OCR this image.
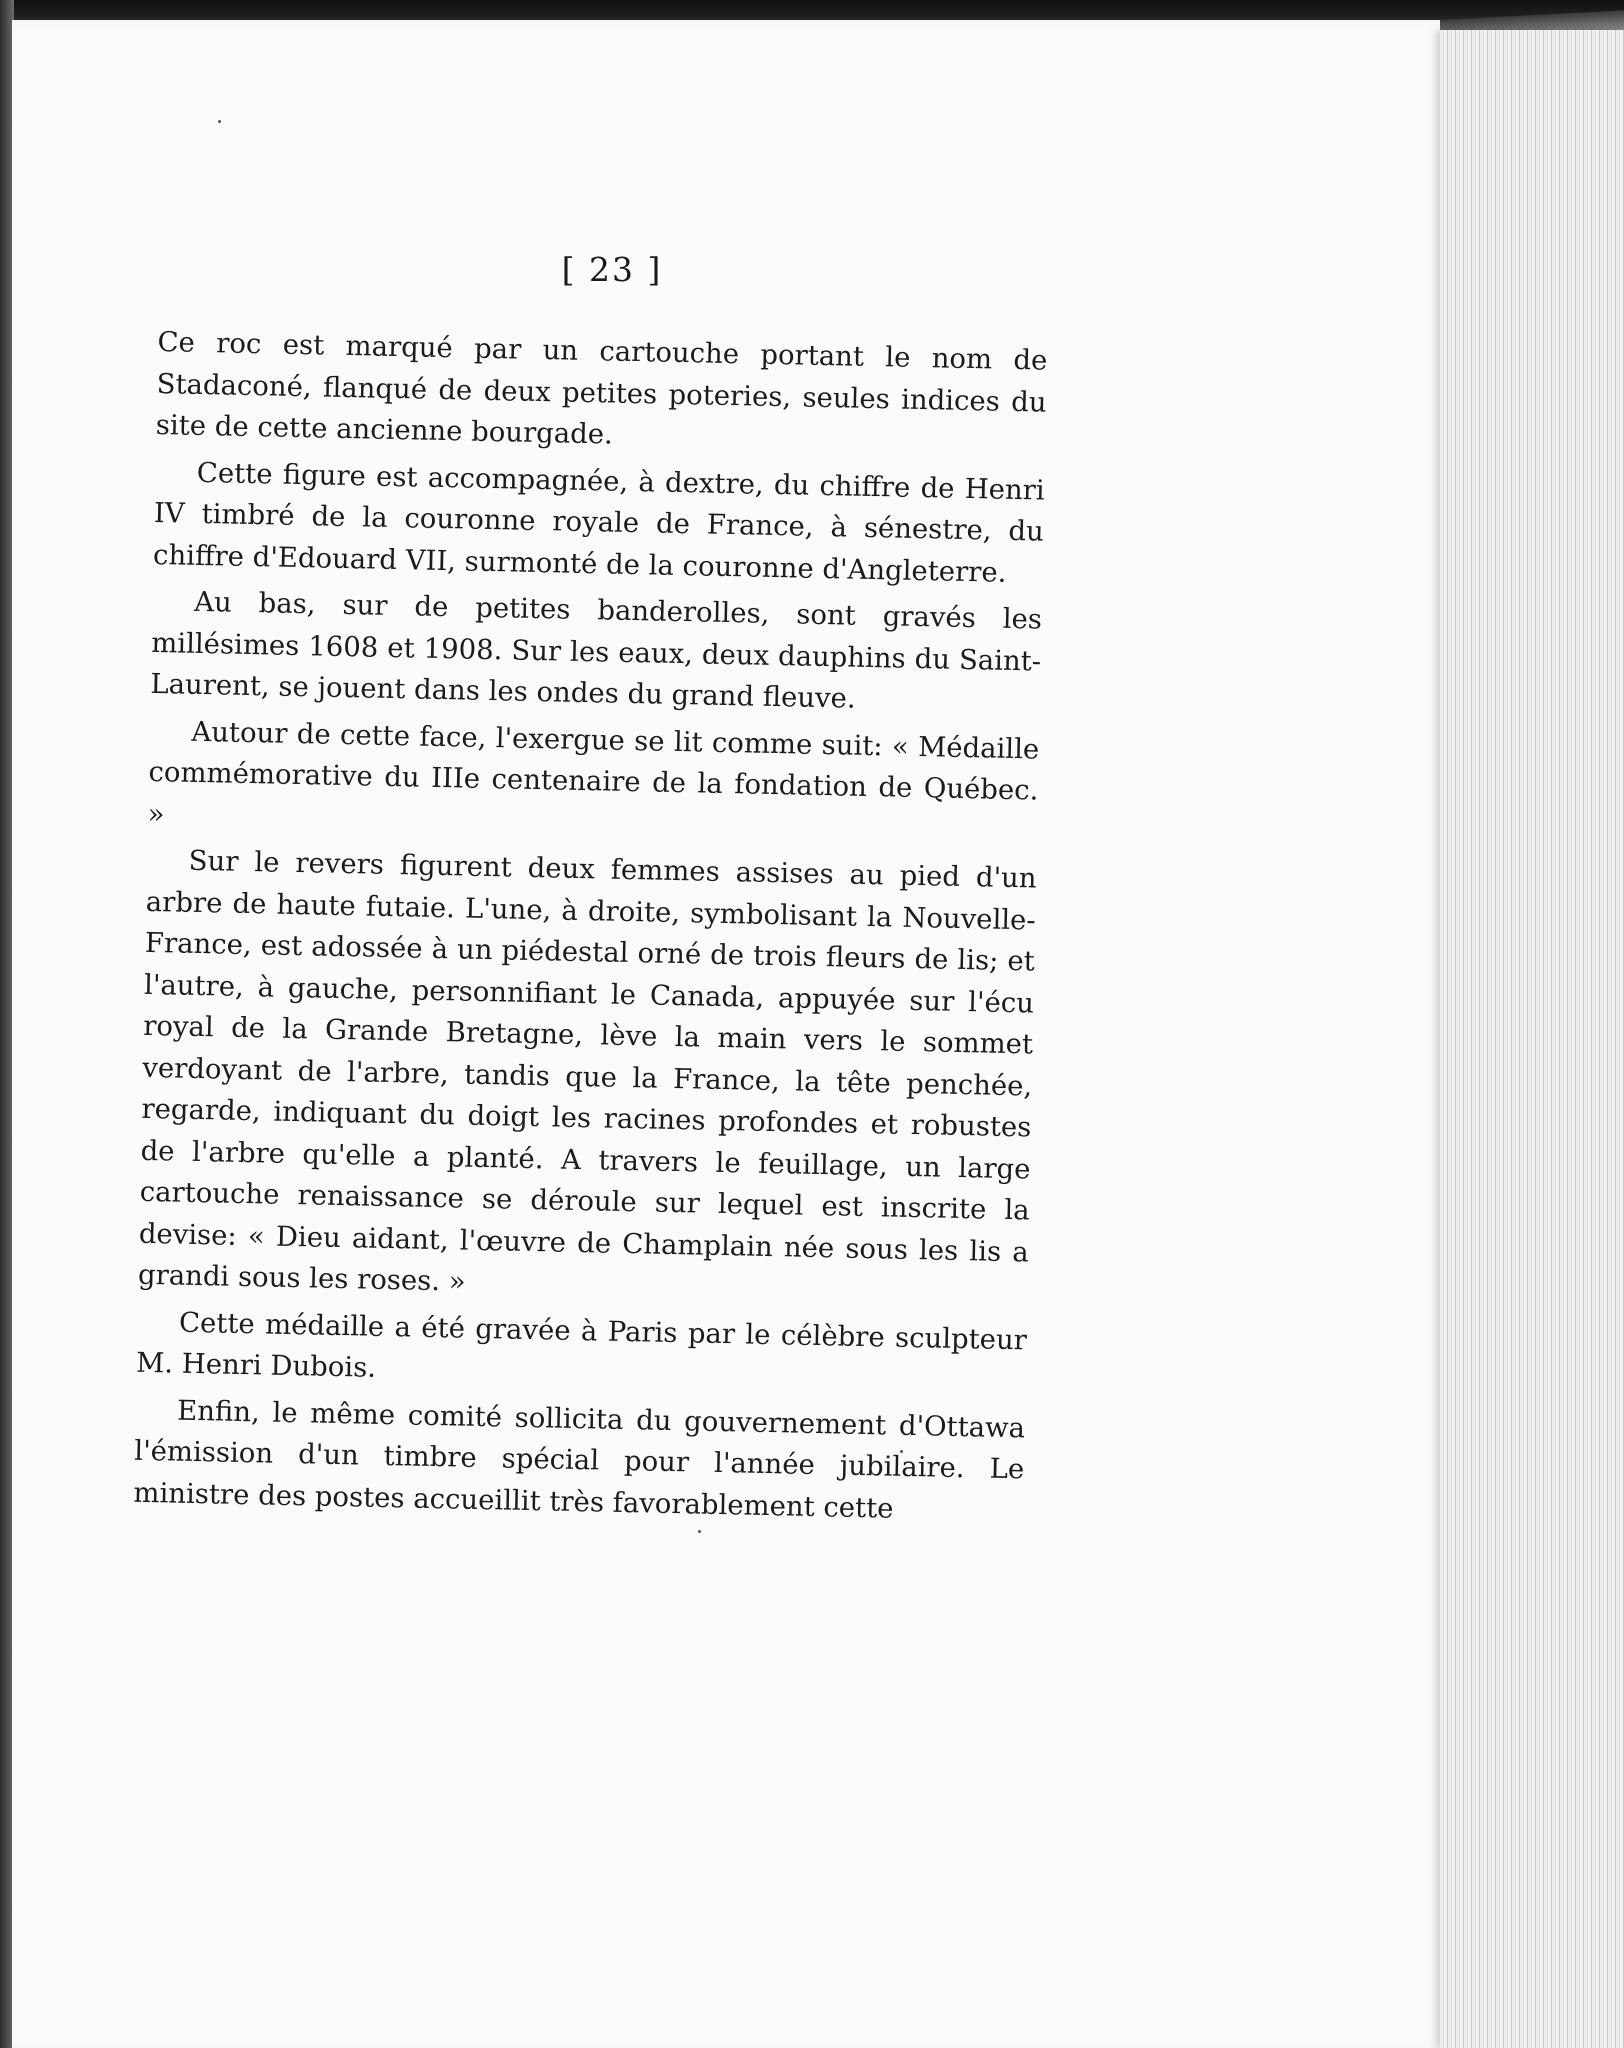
[ 23 ]

Ce roc est marqué par un cartouche portant le nom de Stadaconé, flanqué de deux petites poteries, seules indices du site de cette ancienne bourgade.

Cette figure est accompagnée, à dextre, du chiffre de Henri IV timbré de la couronne royale de France, à sénestre, du chiffre d'Edouard VII, surmonté de la couronne d'Angleterre.

Au bas, sur de petites banderolles, sont gravés les millésimes 1608 et 1908. Sur les eaux, deux dauphins du Saint-Laurent, se jouent dans les ondes du grand fleuve.

Autour de cette face, l'exergue se lit comme suit: « Médaille commémorative du IIIe centenaire de la fondation de Québec. »

Sur le revers figurent deux femmes assises au pied d'un arbre de haute futaie. L'une, à droite, symbolisant la Nouvelle-France, est adossée à un piédestal orné de trois fleurs de lis; et l'autre, à gauche, personnifiant le Canada, appuyée sur l'écu royal de la Grande Bretagne, lève la main vers le sommet verdoyant de l'arbre, tandis que la France, la tête penchée, regarde, indiquant du doigt les racines profondes et robustes de l'arbre qu'elle a planté. A travers le feuillage, un large cartouche renaissance se déroule sur lequel est inscrite la devise: « Dieu aidant, l'œuvre de Champlain née sous les lis a grandi sous les roses. »

Cette médaille a été gravée à Paris par le célèbre sculpteur M. Henri Dubois.

Enfin, le même comité sollicita du gouvernement d'Ottawa l'émission d'un timbre spécial pour l'année jubilaire. Le ministre des postes accueillit très favorablement cette
